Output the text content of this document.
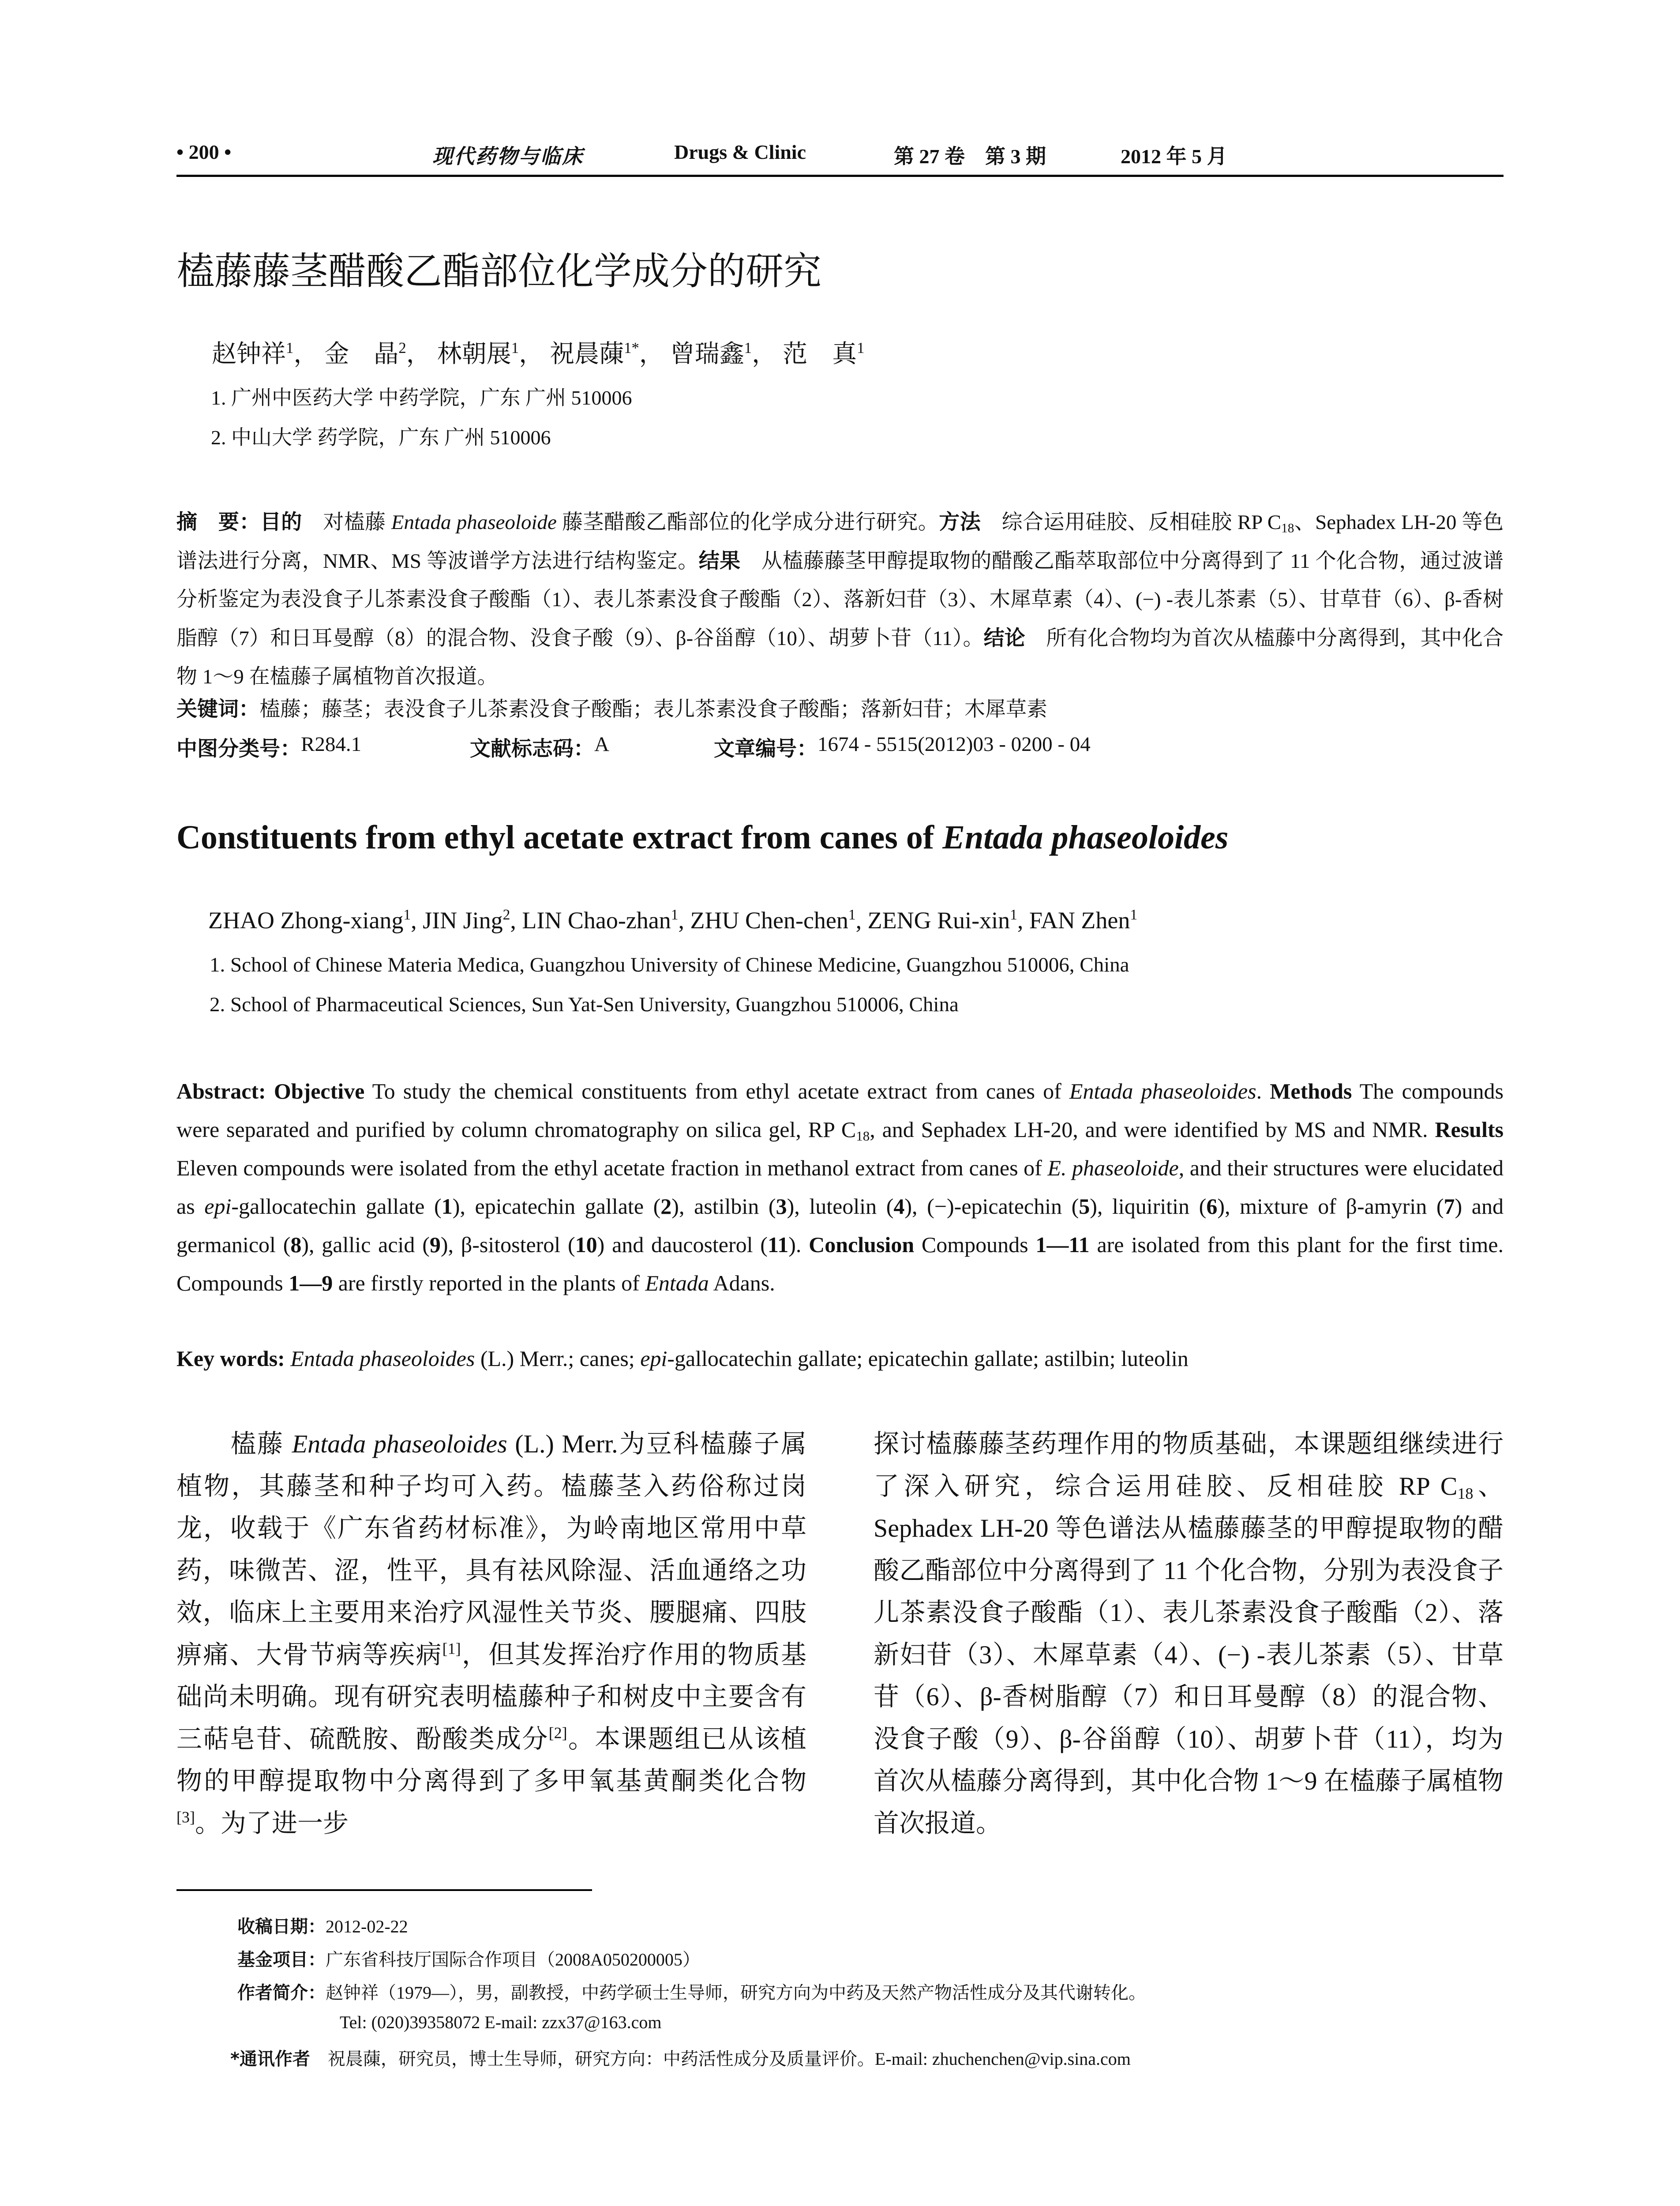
• 200 •	现代药物与临床	Drugs & Clinic	第 27 卷　第 3 期	2012 年 5 月
榼藤藤茎醋酸乙酯部位化学成分的研究
赵钟祥$^1$， 金　晶$^2$， 林朝展$^1$， 祝晨蔯$^{1*}$， 曾瑞鑫$^1$， 范　真$^1$
1. 广州中医药大学 中药学院，广东 广州 510006
2. 中山大学 药学院，广东 广州 510006
摘　要：目的　对榼藤 Entada phaseoloide 藤茎醋酸乙酯部位的化学成分进行研究。方法　综合运用硅胶、反相硅胶 RP $C_{18}$、Sephadex LH-20 等色谱法进行分离，NMR、MS 等波谱学方法进行结构鉴定。结果　从榼藤藤茎甲醇提取物的醋酸乙酯萃取部位中分离得到了 11 个化合物，通过波谱分析鉴定为表没食子儿茶素没食子酸酯（1）、表儿茶素没食子酸酯（2）、落新妇苷（3）、木犀草素（4）、(−) -表儿茶素（5）、甘草苷（6）、β-香树脂醇（7）和日耳曼醇（8）的混合物、没食子酸（9）、β-谷甾醇（10）、胡萝卜苷（11）。结论　所有化合物均为首次从榼藤中分离得到，其中化合物 1～9 在榼藤子属植物首次报道。
关键词：榼藤；藤茎；表没食子儿茶素没食子酸酯；表儿茶素没食子酸酯；落新妇苷；木犀草素
中图分类号： R284.1	文献标志码： A	文章编号： 1674 - 5515(2012)03 - 0200 - 04
Constituents from ethyl acetate extract from canes of Entada phaseoloides
ZHAO Zhong-xiang$^1$, JIN Jing$^2$, LIN Chao-zhan$^1$, ZHU Chen-chen$^1$, ZENG Rui-xin$^1$, FAN Zhen$^1$
1. School of Chinese Materia Medica, Guangzhou University of Chinese Medicine, Guangzhou 510006, China
2. School of Pharmaceutical Sciences, Sun Yat-Sen University, Guangzhou 510006, China
Abstract: Objective To study the chemical constituents from ethyl acetate extract from canes of Entada phaseoloides. Methods The compounds were separated and purified by column chromatography on silica gel, RP $C_{18}$, and Sephadex LH-20, and were identified by MS and NMR. Results Eleven compounds were isolated from the ethyl acetate fraction in methanol extract from canes of E. phaseoloide, and their structures were elucidated as epi-gallocatechin gallate (1), epicatechin gallate (2), astilbin (3), luteolin (4), (−)-epicatechin (5), liquiritin (6), mixture of β-amyrin (7) and germanicol (8), gallic acid (9), β-sitosterol (10) and daucosterol (11). Conclusion Compounds 1—11 are isolated from this plant for the first time. Compounds 1—9 are firstly reported in the plants of Entada Adans.
Key words: Entada phaseoloides (L.) Merr.; canes; epi-gallocatechin gallate; epicatechin gallate; astilbin; luteolin
　　榼藤 Entada phaseoloides (L.) Merr.为豆科榼藤子属植物，其藤茎和种子均可入药。榼藤茎入药俗称过岗龙，收载于《广东省药材标准》，为岭南地区常用中草药，味微苦、涩，性平，具有祛风除湿、活血通络之功效，临床上主要用来治疗风湿性关节炎、腰腿痛、四肢痹痛、大骨节病等疾病[1]，但其发挥治疗作用的物质基础尚未明确。现有研究表明榼藤种子和树皮中主要含有三萜皂苷、硫酰胺、酚酸类成分[2]。本课题组已从该植物的甲醇提取物中分离得到了多甲氧基黄酮类化合物[3]。为了进一步
探讨榼藤藤茎药理作用的物质基础，本课题组继续进行了深入研究，综合运用硅胶、反相硅胶 RP $C_{18}$、Sephadex LH-20 等色谱法从榼藤藤茎的甲醇提取物的醋酸乙酯部位中分离得到了 11 个化合物，分别为表没食子儿茶素没食子酸酯（1）、表儿茶素没食子酸酯（2）、落新妇苷（3）、木犀草素（4）、(−) -表儿茶素（5）、甘草苷（6）、β-香树脂醇（7）和日耳曼醇（8）的混合物、没食子酸（9）、β-谷甾醇（10）、胡萝卜苷（11），均为首次从榼藤分离得到，其中化合物 1～9 在榼藤子属植物首次报道。
收稿日期：2012-02-22
基金项目：广东省科技厅国际合作项目（2008A050200005）
作者简介：赵钟祥（1979—），男，副教授，中药学硕士生导师，研究方向为中药及天然产物活性成分及其代谢转化。
Tel: (020)39358072 E-mail: zzx37@163.com
*通讯作者 祝晨蔯，研究员，博士生导师，研究方向：中药活性成分及质量评价。E-mail: zhuchenchen@vip.sina.com
